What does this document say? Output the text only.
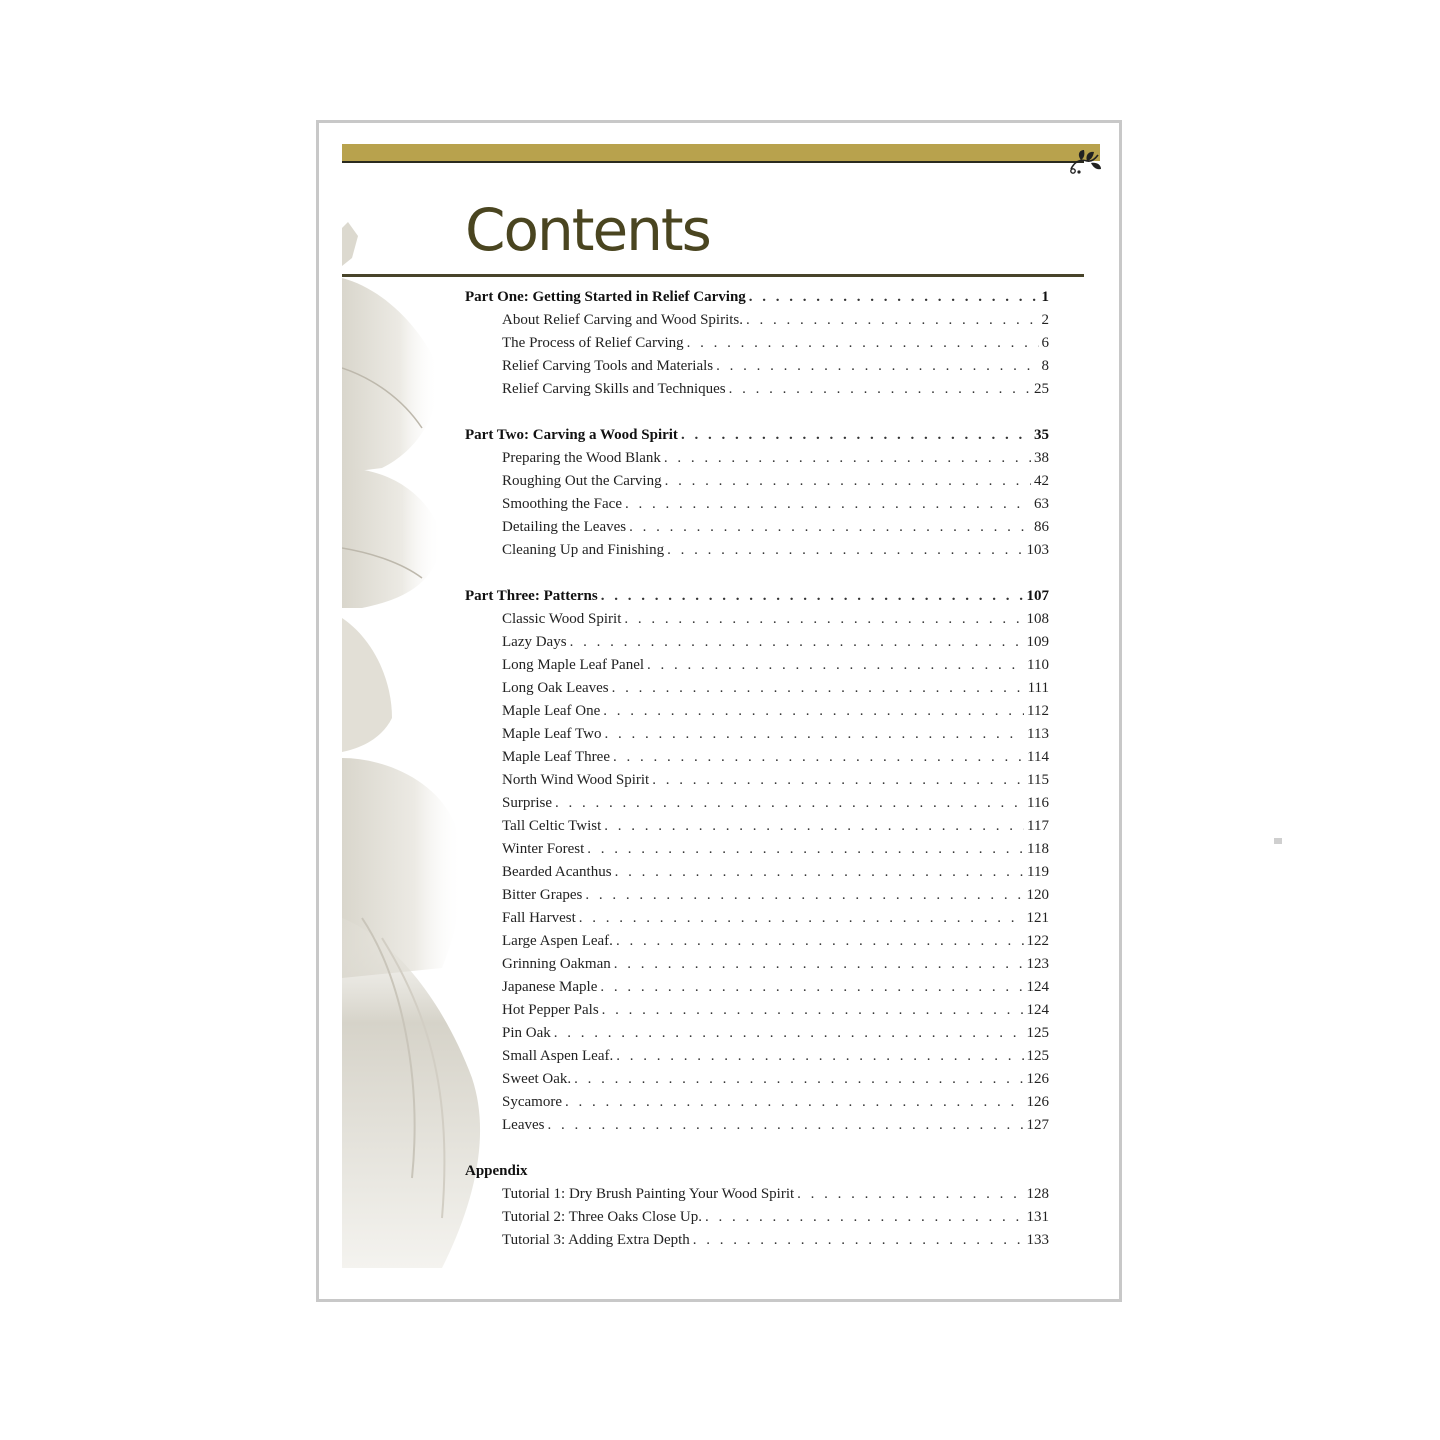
Contents
Part One: Getting Started in Relief Carving . . .	1
About Relief Carving and Wood Spirits. . . .	2
The Process of Relief Carving . . .	6
Relief Carving Tools and Materials . . .	8
Relief Carving Skills and Techniques . . .	25
Part Two: Carving a Wood Spirit . . .	35
Preparing the Wood Blank . . .	38
Roughing Out the Carving . . .	42
Smoothing the Face . . .	63
Detailing the Leaves . . .	86
Cleaning Up and Finishing . . .	103
Part Three: Patterns . . .	107
Classic Wood Spirit . . .	108
Lazy Days . . .	109
Long Maple Leaf Panel . . .	110
Long Oak Leaves . . .	111
Maple Leaf One . . .	112
Maple Leaf Two . . .	113
Maple Leaf Three . . .	114
North Wind Wood Spirit . . .	115
Surprise . . .	116
Tall Celtic Twist . . .	117
Winter Forest . . .	118
Bearded Acanthus . . .	119
Bitter Grapes . . .	120
Fall Harvest . . .	121
Large Aspen Leaf. . . .	122
Grinning Oakman . . .	123
Japanese Maple . . .	124
Hot Pepper Pals . . .	124
Pin Oak . . .	125
Small Aspen Leaf. . . .	125
Sweet Oak. . . .	126
Sycamore . . .	126
Leaves . . .	127
Appendix
Tutorial 1: Dry Brush Painting Your Wood Spirit . . .	128
Tutorial 2: Three Oaks Close Up. . . .	131
Tutorial 3: Adding Extra Depth . . .	133
